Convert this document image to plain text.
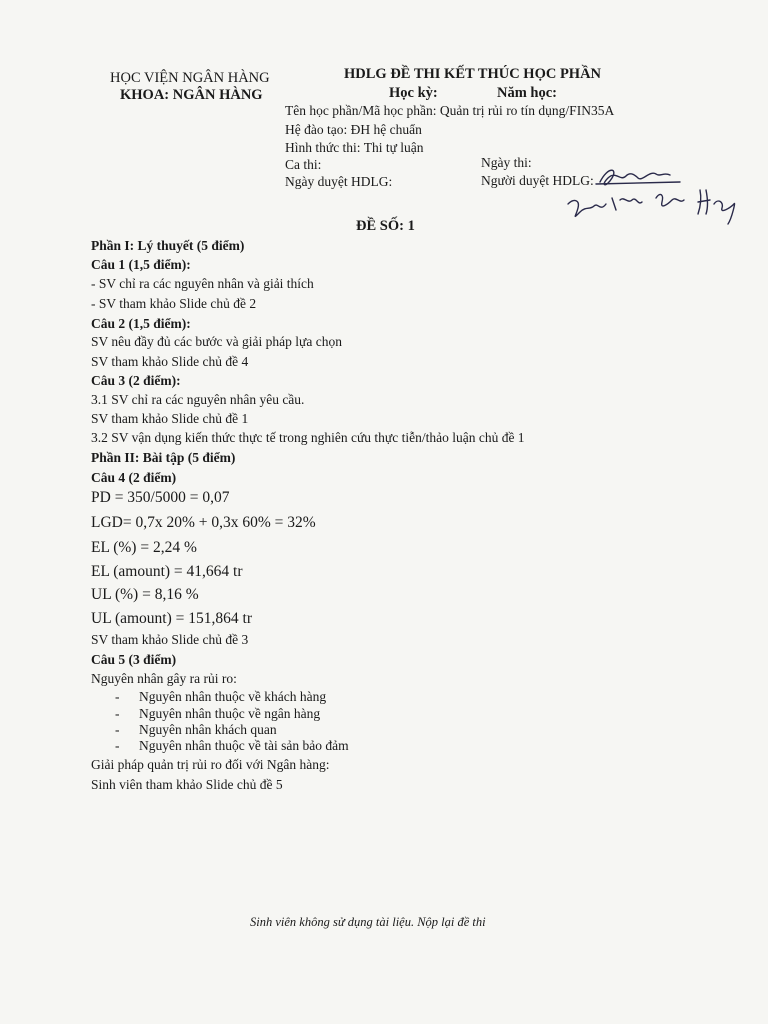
HỌC VIỆN NGÂN HÀNG
KHOA: NGÂN HÀNG
HDLG ĐỀ THI KẾT THÚC HỌC PHẦN
Học kỳ:	Năm học:
Tên học phần/Mã học phần: Quản trị rủi ro tín dụng/FIN35A
Hệ đào tạo: ĐH hệ chuẩn
Hình thức thi: Thi tự luận
Ca thi:	Ngày thi:
Ngày duyệt HDLG:	Người duyệt HDLG:
ĐỀ SỐ: 1
Phần I: Lý thuyết (5 điểm)
Câu 1 (1,5 điểm):
- SV chỉ ra các nguyên nhân và giải thích
- SV tham khảo Slide chủ đề 2
Câu 2 (1,5 điểm):
SV nêu đầy đủ các bước và giải pháp lựa chọn
SV tham khảo Slide chủ đề 4
Câu 3 (2 điểm):
3.1 SV chỉ ra các nguyên nhân yêu cầu.
SV tham khảo Slide chủ đề 1
3.2 SV vận dụng kiến thức thực tế trong nghiên cứu thực tiễn/thảo luận chủ đề 1
Phần II: Bài tập (5 điểm)
Câu 4 (2 điểm)
PD = 350/5000 = 0,07
LGD= 0,7x 20% + 0,3x 60% = 32%
EL (%) = 2,24 %
EL (amount) = 41,664 tr
UL (%) = 8,16 %
UL (amount) = 151,864 tr
SV tham khảo Slide chủ đề 3
Câu 5 (3 điểm)
Nguyên nhân gây ra rủi ro:
- Nguyên nhân thuộc về khách hàng
- Nguyên nhân thuộc về ngân hàng
- Nguyên nhân khách quan
- Nguyên nhân thuộc về tài sản bảo đảm
Giải pháp quản trị rủi ro đối với Ngân hàng:
Sinh viên tham khảo Slide chủ đề 5
Sinh viên không sử dụng tài liệu. Nộp lại đề thi
